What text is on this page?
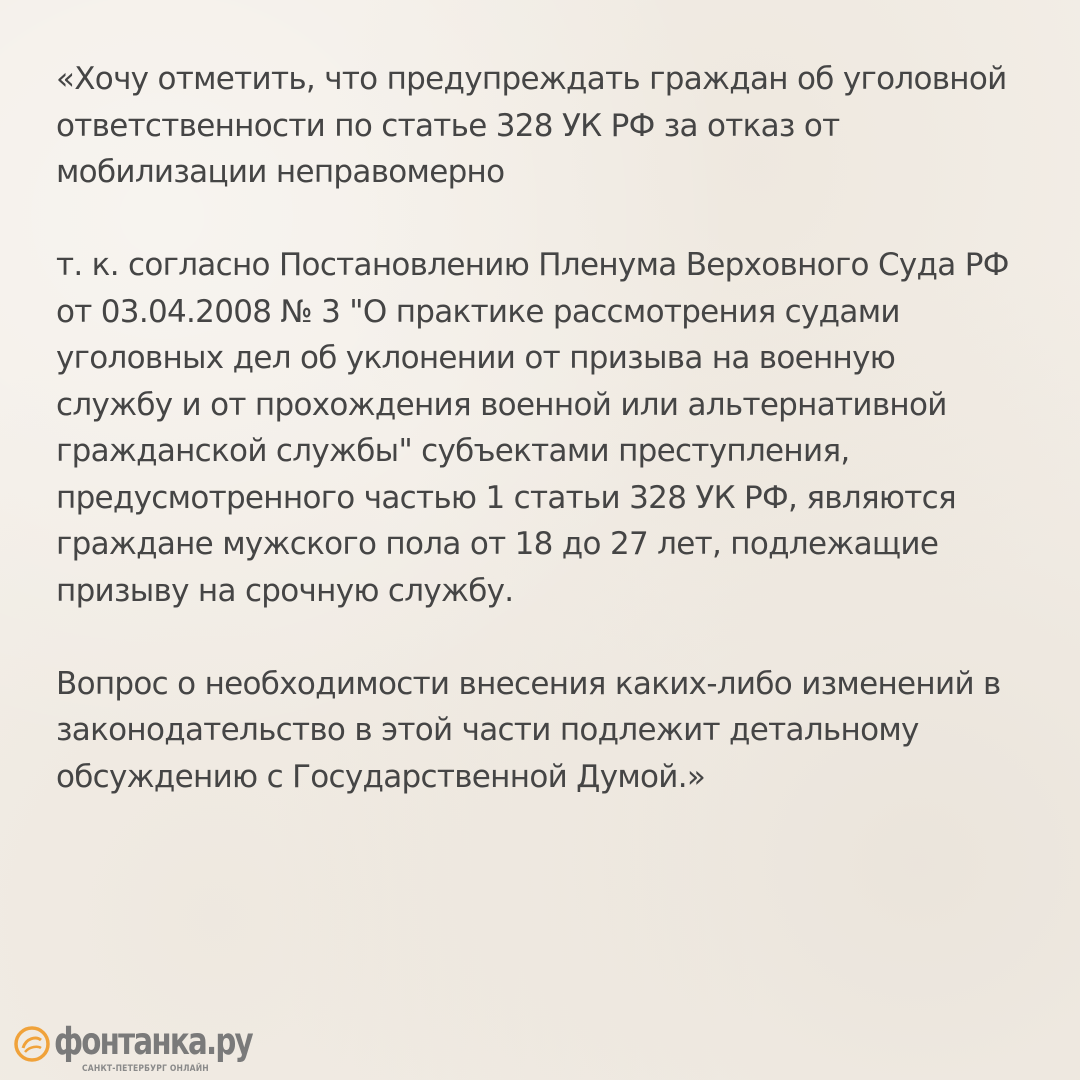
«Хочу отметить, что предупреждать граждан об уголовной ответственности по статье 328 УК РФ за отказ от мобилизации неправомерно

т. к. согласно Постановлению Пленума Верховного Суда РФ от 03.04.2008 № 3 "О практике рассмотрения судами уголовных дел об уклонении от призыва на военную службу и от прохождения военной или альтернативной гражданской службы" субъектами преступления, предусмотренного частью 1 статьи 328 УК РФ, являются граждане мужского пола от 18 до 27 лет, подлежащие призыву на срочную службу.

Вопрос о необходимости внесения каких-либо изменений в законодательство в этой части подлежит детальному обсуждению с Государственной Думой.»

фонтанка.ру
САНКТ-ПЕТЕРБУРГ ОНЛАЙН
